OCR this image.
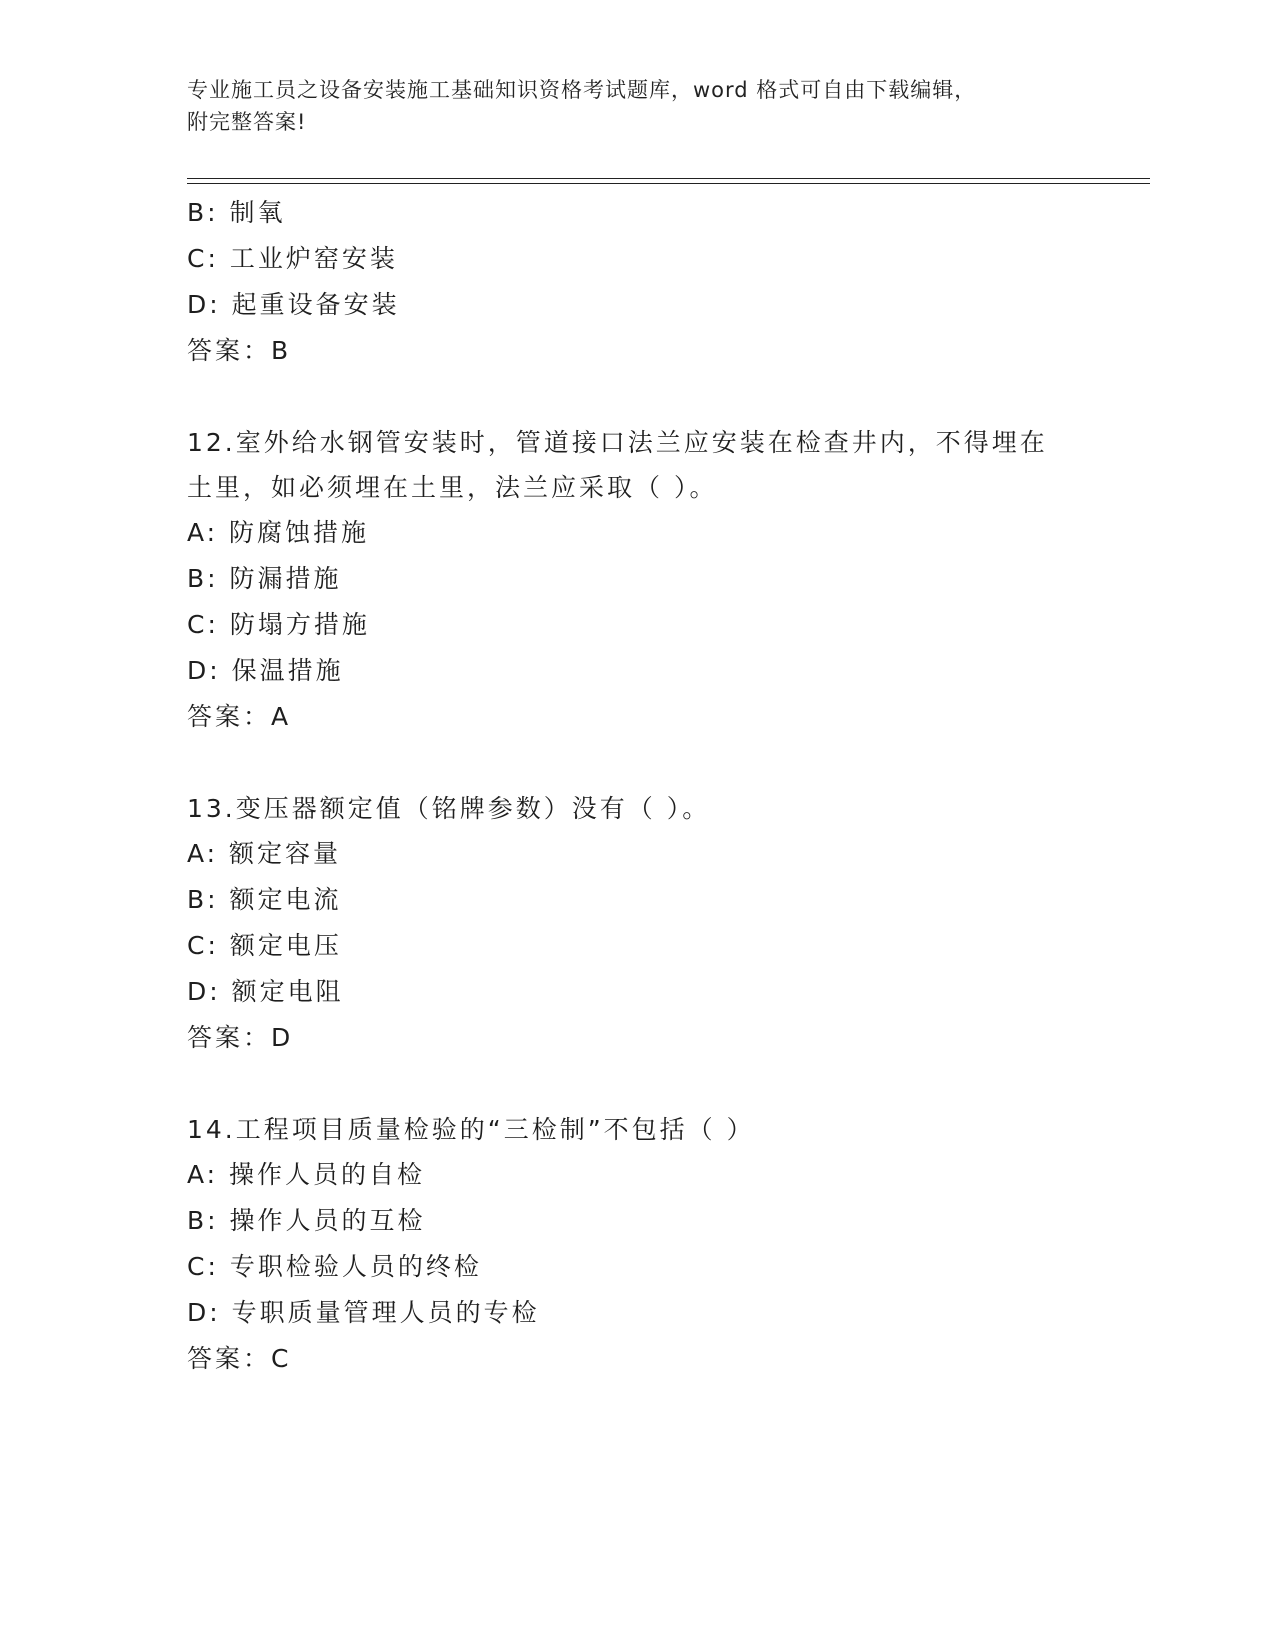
专业施工员之设备安装施工基础知识资格考试题库，word 格式可自由下载编辑，
附完整答案!
B: 制氧
C: 工业炉窑安装
D: 起重设备安装
答案：B
12.室外给水钢管安装时，管道接口法兰应安装在检查井内，不得埋在
土里，如必须埋在土里，法兰应采取（ ）。
A: 防腐蚀措施
B: 防漏措施
C: 防塌方措施
D: 保温措施
答案：A
13.变压器额定值（铭牌参数）没有（ ）。
A: 额定容量
B: 额定电流
C: 额定电压
D: 额定电阻
答案：D
14.工程项目质量检验的“三检制”不包括（ ）
A: 操作人员的自检
B: 操作人员的互检
C: 专职检验人员的终检
D: 专职质量管理人员的专检
答案：C
